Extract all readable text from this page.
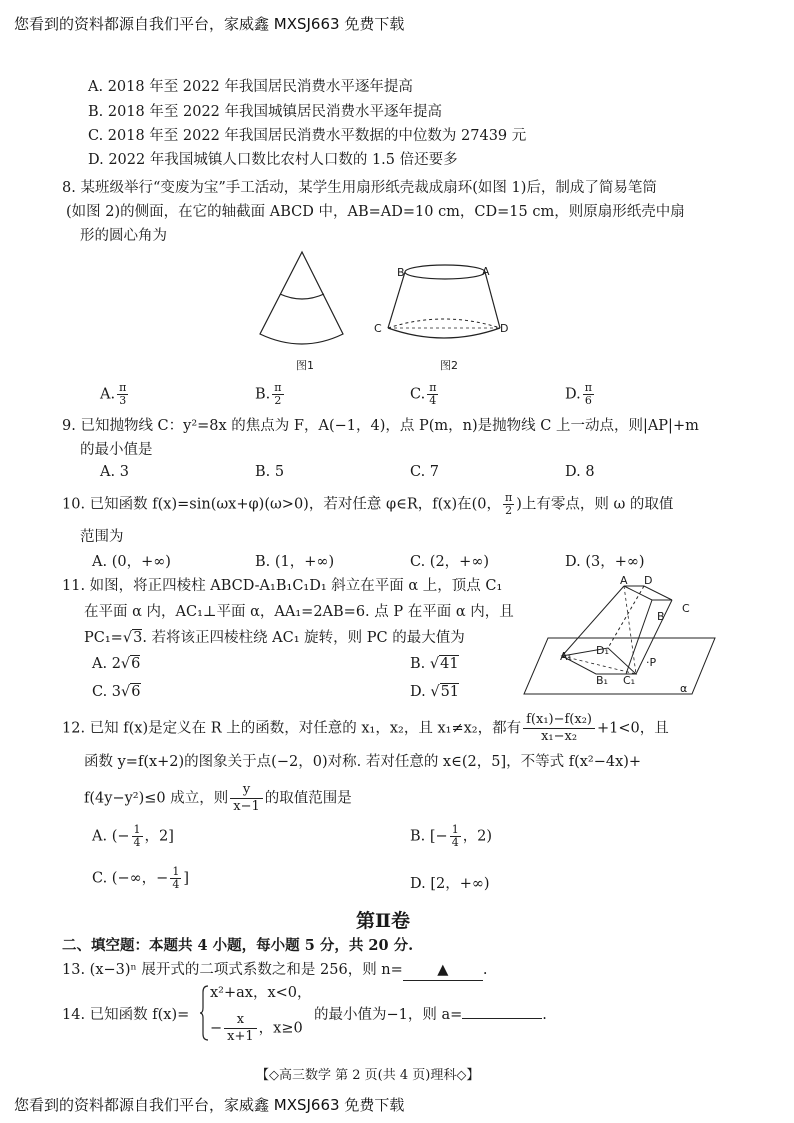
您看到的资料都源自我们平台，家威鑫 MXSJ663 免费下载
A. 2018 年至 2022 年我国居民消费水平逐年提高
B. 2018 年至 2022 年我国城镇居民消费水平逐年提高
C. 2018 年至 2022 年我国居民消费水平数据的中位数为 27439 元
D. 2022 年我国城镇人口数比农村人口数的 1.5 倍还要多
8. 某班级举行“变废为宝”手工活动，某学生用扇形纸壳裁成扇环(如图 1)后，制成了简易笔筒
(如图 2)的侧面，在它的轴截面 ABCD 中，AB=AD=10 cm，CD=15 cm，则原扇形纸壳中扇
形的圆心角为
图1
B	A
C	D
图2
A. $\frac{\pi}{3}$	B. $\frac{\pi}{2}$	C. $\frac{\pi}{4}$	D. $\frac{\pi}{6}$
9. 已知抛物线 C：y²=8x 的焦点为 F，A(−1，4)，点 P(m，n)是抛物线 C 上一动点，则|AP|+m
的最小值是
A. 3	B. 5	C. 7	D. 8
10. 已知函数 f(x)=sin(ωx+φ)(ω>0)，若对任意 φ∈R，f(x)在(0， $\frac{\pi}{2}$ )上有零点，则 ω 的取值
范围为
A. (0，+∞)	B. (1，+∞)	C. (2，+∞)	D. (3，+∞)
11. 如图，将正四棱柱 ABCD-A₁B₁C₁D₁ 斜立在平面 α 上，顶点 C₁
在平面 α 内，AC₁⊥平面 α，AA₁=2AB=6. 点 P 在平面 α 内，且
PC₁=√3. 若将该正四棱柱绕 AC₁ 旋转，则 PC 的最大值为
A. 2√6	B. √41
C. 3√6	D. √51
A D
C
B
A₁ D₁
B₁ C₁
·P
α
12. 已知 f(x)是定义在 R 上的函数，对任意的 x₁，x₂，且 x₁≠x₂，都有 $\frac{\text{f(x₁)−f(x₂)}}{\text{x₁−x₂}} +1<0$，且
函数 y=f(x+2)的图象关于点(−2，0)对称. 若对任意的 x∈(2，5]，不等式 f(x²−4x)+
f(4y−y²)≤0 成立，则 $\frac{y}{x-1}$ 的取值范围是
A. (− $\frac{1}{4}$ ，2]	B. [− $\frac{1}{4}$ ，2)
C. (−∞，− $\frac{1}{4}$ ]	D. [2，+∞)
第Ⅱ卷
二、填空题：本题共 4 小题，每小题 5 分，共 20 分.
13. (x−3)ⁿ 展开式的二项式系数之和是 256，则 n= ▲ .
14. 已知函数 f(x)=
x²+ax，x<0，
− $\frac{x}{x+1}$ ，x≥0
的最小值为−1，则 a=	.
【◇高三数学 第 2 页(共 4 页)理科◇】
您看到的资料都源自我们平台，家威鑫 MXSJ663 免费下载
